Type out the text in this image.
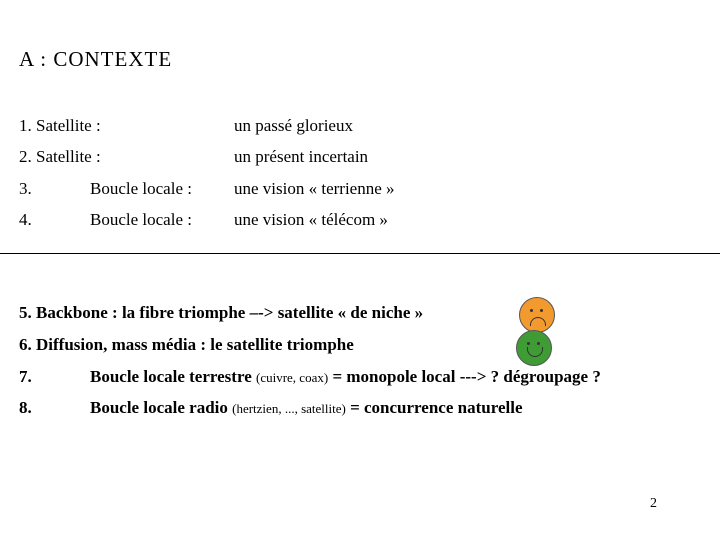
A : CONTEXTE
1. Satellite :	un passé glorieux
2. Satellite :	un présent incertain
3.	Boucle locale : une vision « terrienne »
4.	Boucle locale : une vision « télécom »
5. Backbone : la fibre triomphe –-> satellite « de niche »
6. Diffusion, mass média : le satellite triomphe
7.	Boucle locale terrestre (cuivre, coax) = monopole local ---> ? dégroupage ?
8.	Boucle locale radio (hertzien, ..., satellite) = concurrence naturelle
2
